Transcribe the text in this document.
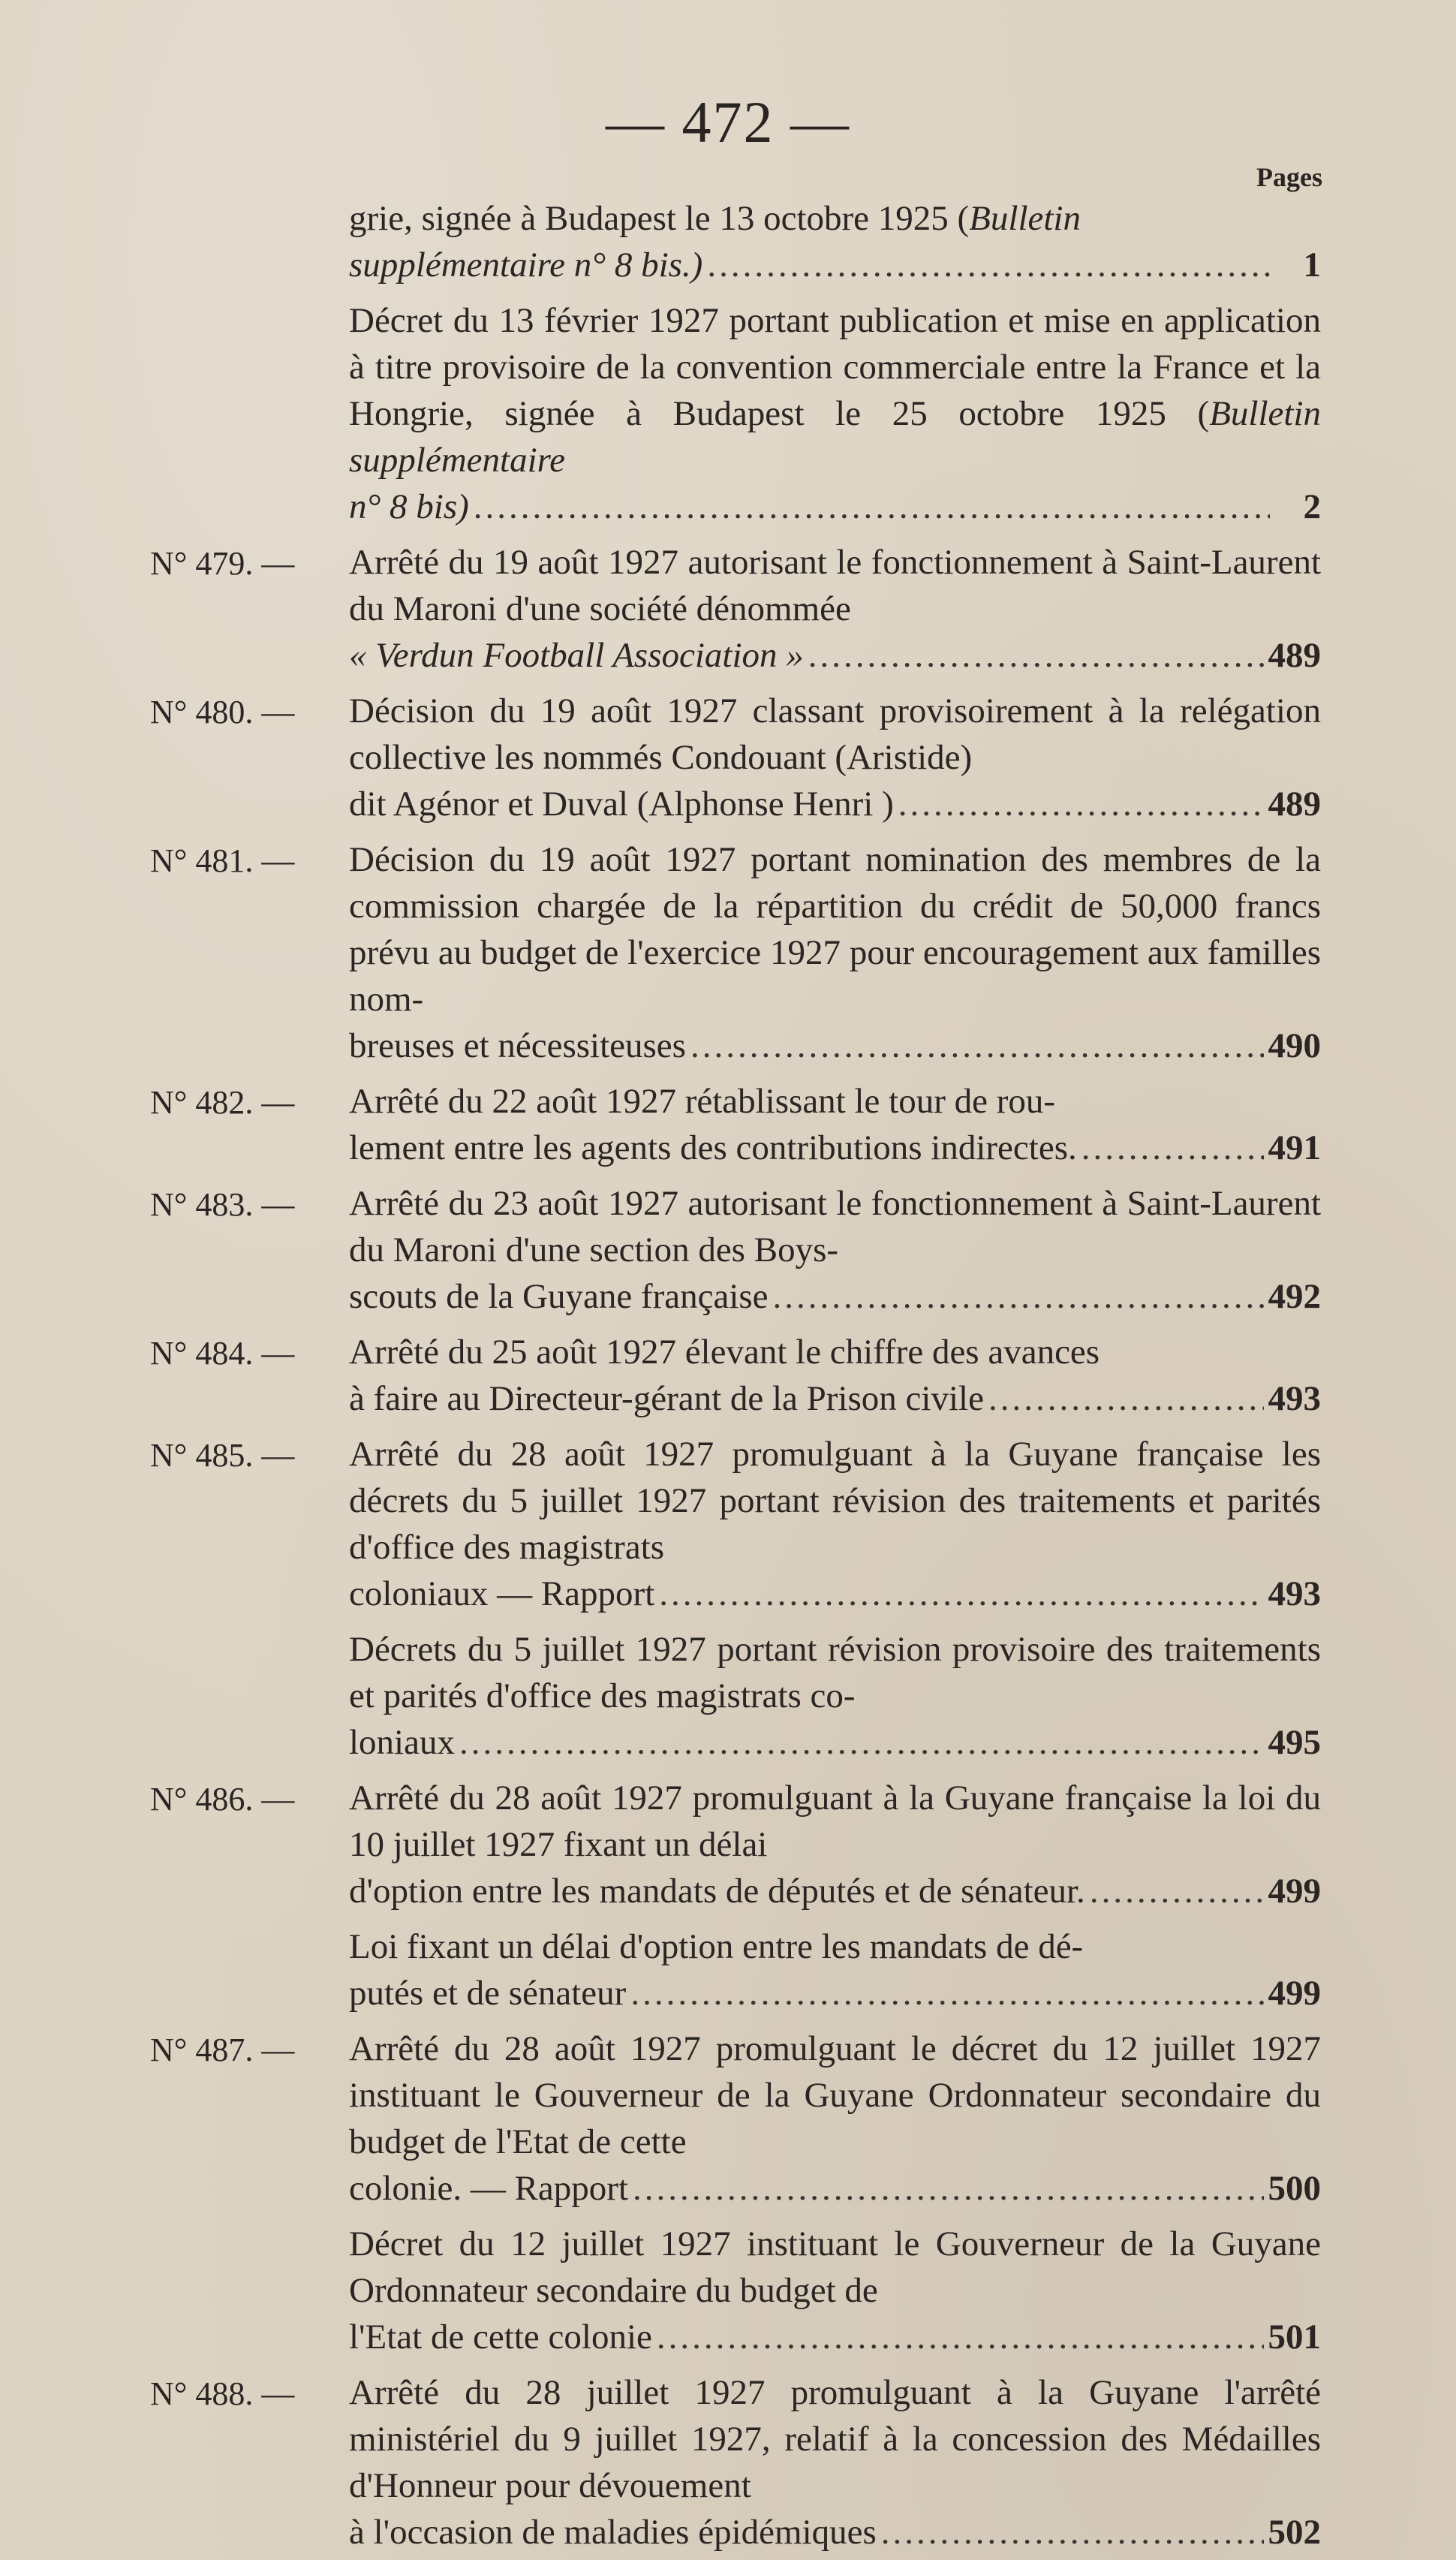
— 472 —
Pages
grie, signée à Budapest le 13 octobre 1925 (Bulletin
supplémentaire n° 8 bis.) .....	1
Décret du 13 février 1927 portant publication et mise en application à titre provisoire de la convention commerciale entre la France et la Hongrie, signée à Budapest le 25 octobre 1925 (Bulletin supplémentaire
n° 8 bis) .....	2
N° 479. —	Arrêté du 19 août 1927 autorisant le fonctionnement à Saint-Laurent du Maroni d'une société dénommée
« Verdun Football Association » .....	489
N° 480. —	Décision du 19 août 1927 classant provisoirement à la relégation collective les nommés Condouant (Aristide)
dit Agénor et Duval (Alphonse Henri ) .....	489
N° 481. —	Décision du 19 août 1927 portant nomination des membres de la commission chargée de la répartition du crédit de 50,000 francs prévu au budget de l'exercice 1927 pour encouragement aux familles nom-
breuses et nécessiteuses .....	490
N° 482. —	Arrêté du 22 août 1927 rétablissant le tour de rou-
lement entre les agents des contributions indirectes. .....	491
N° 483. —	Arrêté du 23 août 1927 autorisant le fonctionnement à Saint-Laurent du Maroni d'une section des Boys-
scouts de la Guyane française .....	492
N° 484. —	Arrêté du 25 août 1927 élevant le chiffre des avances
à faire au Directeur-gérant de la Prison civile .....	493
N° 485. —	Arrêté du 28 août 1927 promulguant à la Guyane française les décrets du 5 juillet 1927 portant révision des traitements et parités d'office des magistrats
coloniaux — Rapport .....	493
Décrets du 5 juillet 1927 portant révision provisoire des traitements et parités d'office des magistrats co-
loniaux .....	495
N° 486. —	Arrêté du 28 août 1927 promulguant à la Guyane française la loi du 10 juillet 1927 fixant un délai
d'option entre les mandats de députés et de sénateur. .....	499
Loi fixant un délai d'option entre les mandats de dé-
putés et de sénateur .....	499
N° 487. —	Arrêté du 28 août 1927 promulguant le décret du 12 juillet 1927 instituant le Gouverneur de la Guyane Ordonnateur secondaire du budget de l'Etat de cette
colonie. — Rapport .....	500
Décret du 12 juillet 1927 instituant le Gouverneur de la Guyane Ordonnateur secondaire du budget de
l'Etat de cette colonie .....	501
N° 488. —	Arrêté du 28 juillet 1927 promulguant à la Guyane l'arrêté ministériel du 9 juillet 1927, relatif à la concession des Médailles d'Honneur pour dévouement
à l'occasion de maladies épidémiques .....	502
